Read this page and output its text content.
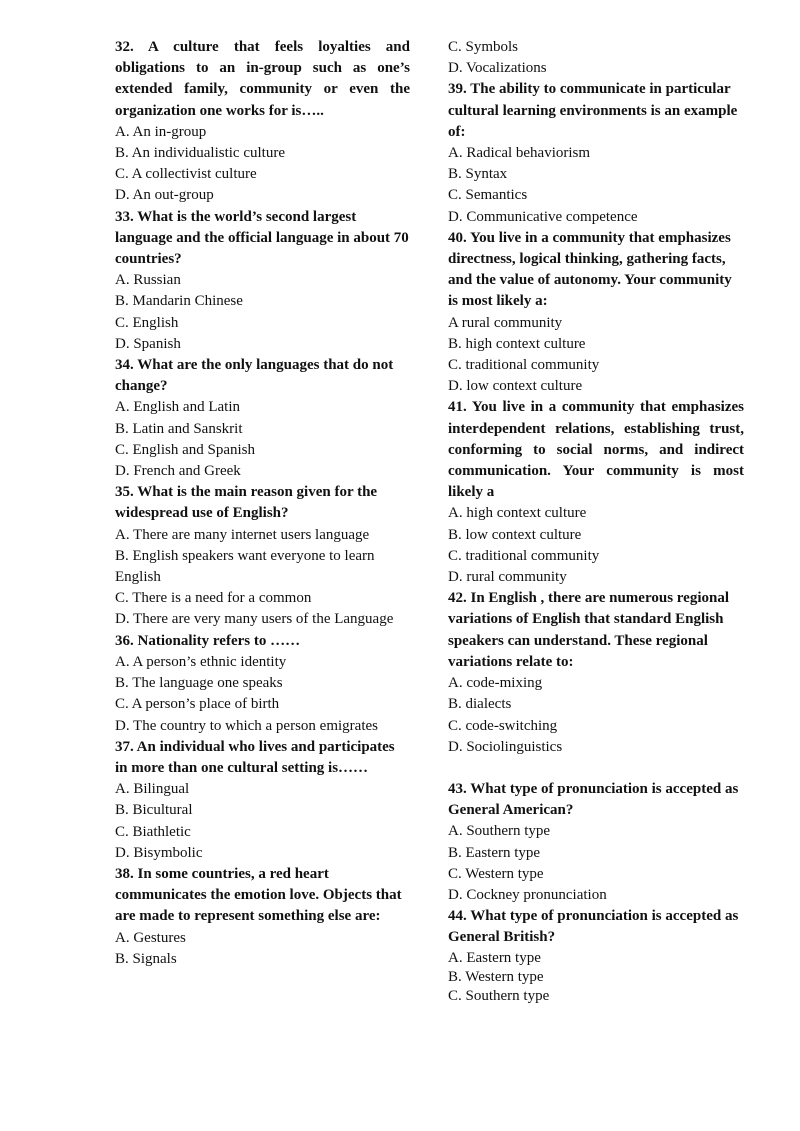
32. A culture that feels loyalties and obligations to an in-group such as one’s extended family, community or even the organization one works for is…..

A. An in-group

B. An individualistic culture

C. A collectivist culture

D. An out-group

33. What is the world’s second largest language and the official language in about 70 countries?

A. Russian

B. Mandarin Chinese

C. English

D. Spanish

34. What are the only languages that do not change?

A. English and Latin

B. Latin and Sanskrit

C. English and Spanish

D. French and Greek

35. What is the main reason given for the widespread use of English?

A. There are many internet users language

B. English speakers want everyone to learn English

C. There is a need for a common

D. There are very many users of the Language

36. Nationality refers to ……

A. A person’s ethnic identity

B. The language one speaks

C. A person’s place of birth

D. The country to which a person emigrates

37. An individual who lives and participates in more than one cultural setting is……

A. Bilingual

B. Bicultural

C. Biathletic

D. Bisymbolic

38. In some countries, a red heart communicates the emotion love. Objects that are made to represent something else are:

A. Gestures

B. Signals

C. Symbols

D. Vocalizations

39. The ability to communicate in particular cultural learning environments is an example of:

A. Radical behaviorism

B. Syntax

C. Semantics

D. Communicative competence

40. You live in a community that emphasizes directness, logical thinking, gathering facts, and the value of autonomy. Your community is most likely a:

A rural community

B. high context culture

C. traditional community

D. low context culture

41. You live in a community that emphasizes interdependent relations, establishing trust, conforming to social norms, and indirect communication. Your community is most likely a

A. high context culture

B. low context culture

C. traditional community

D. rural community

42. In English , there are numerous regional variations of English that standard English speakers can understand. These regional variations relate to:

A. code-mixing

B. dialects

C. code-switching

D. Sociolinguistics

43. What type of pronunciation is accepted as General American?

A. Southern type

B. Eastern type

C. Western type

D. Cockney pronunciation

44. What type of pronunciation is accepted as General British?

A. Eastern type

B. Western type

C. Southern type
